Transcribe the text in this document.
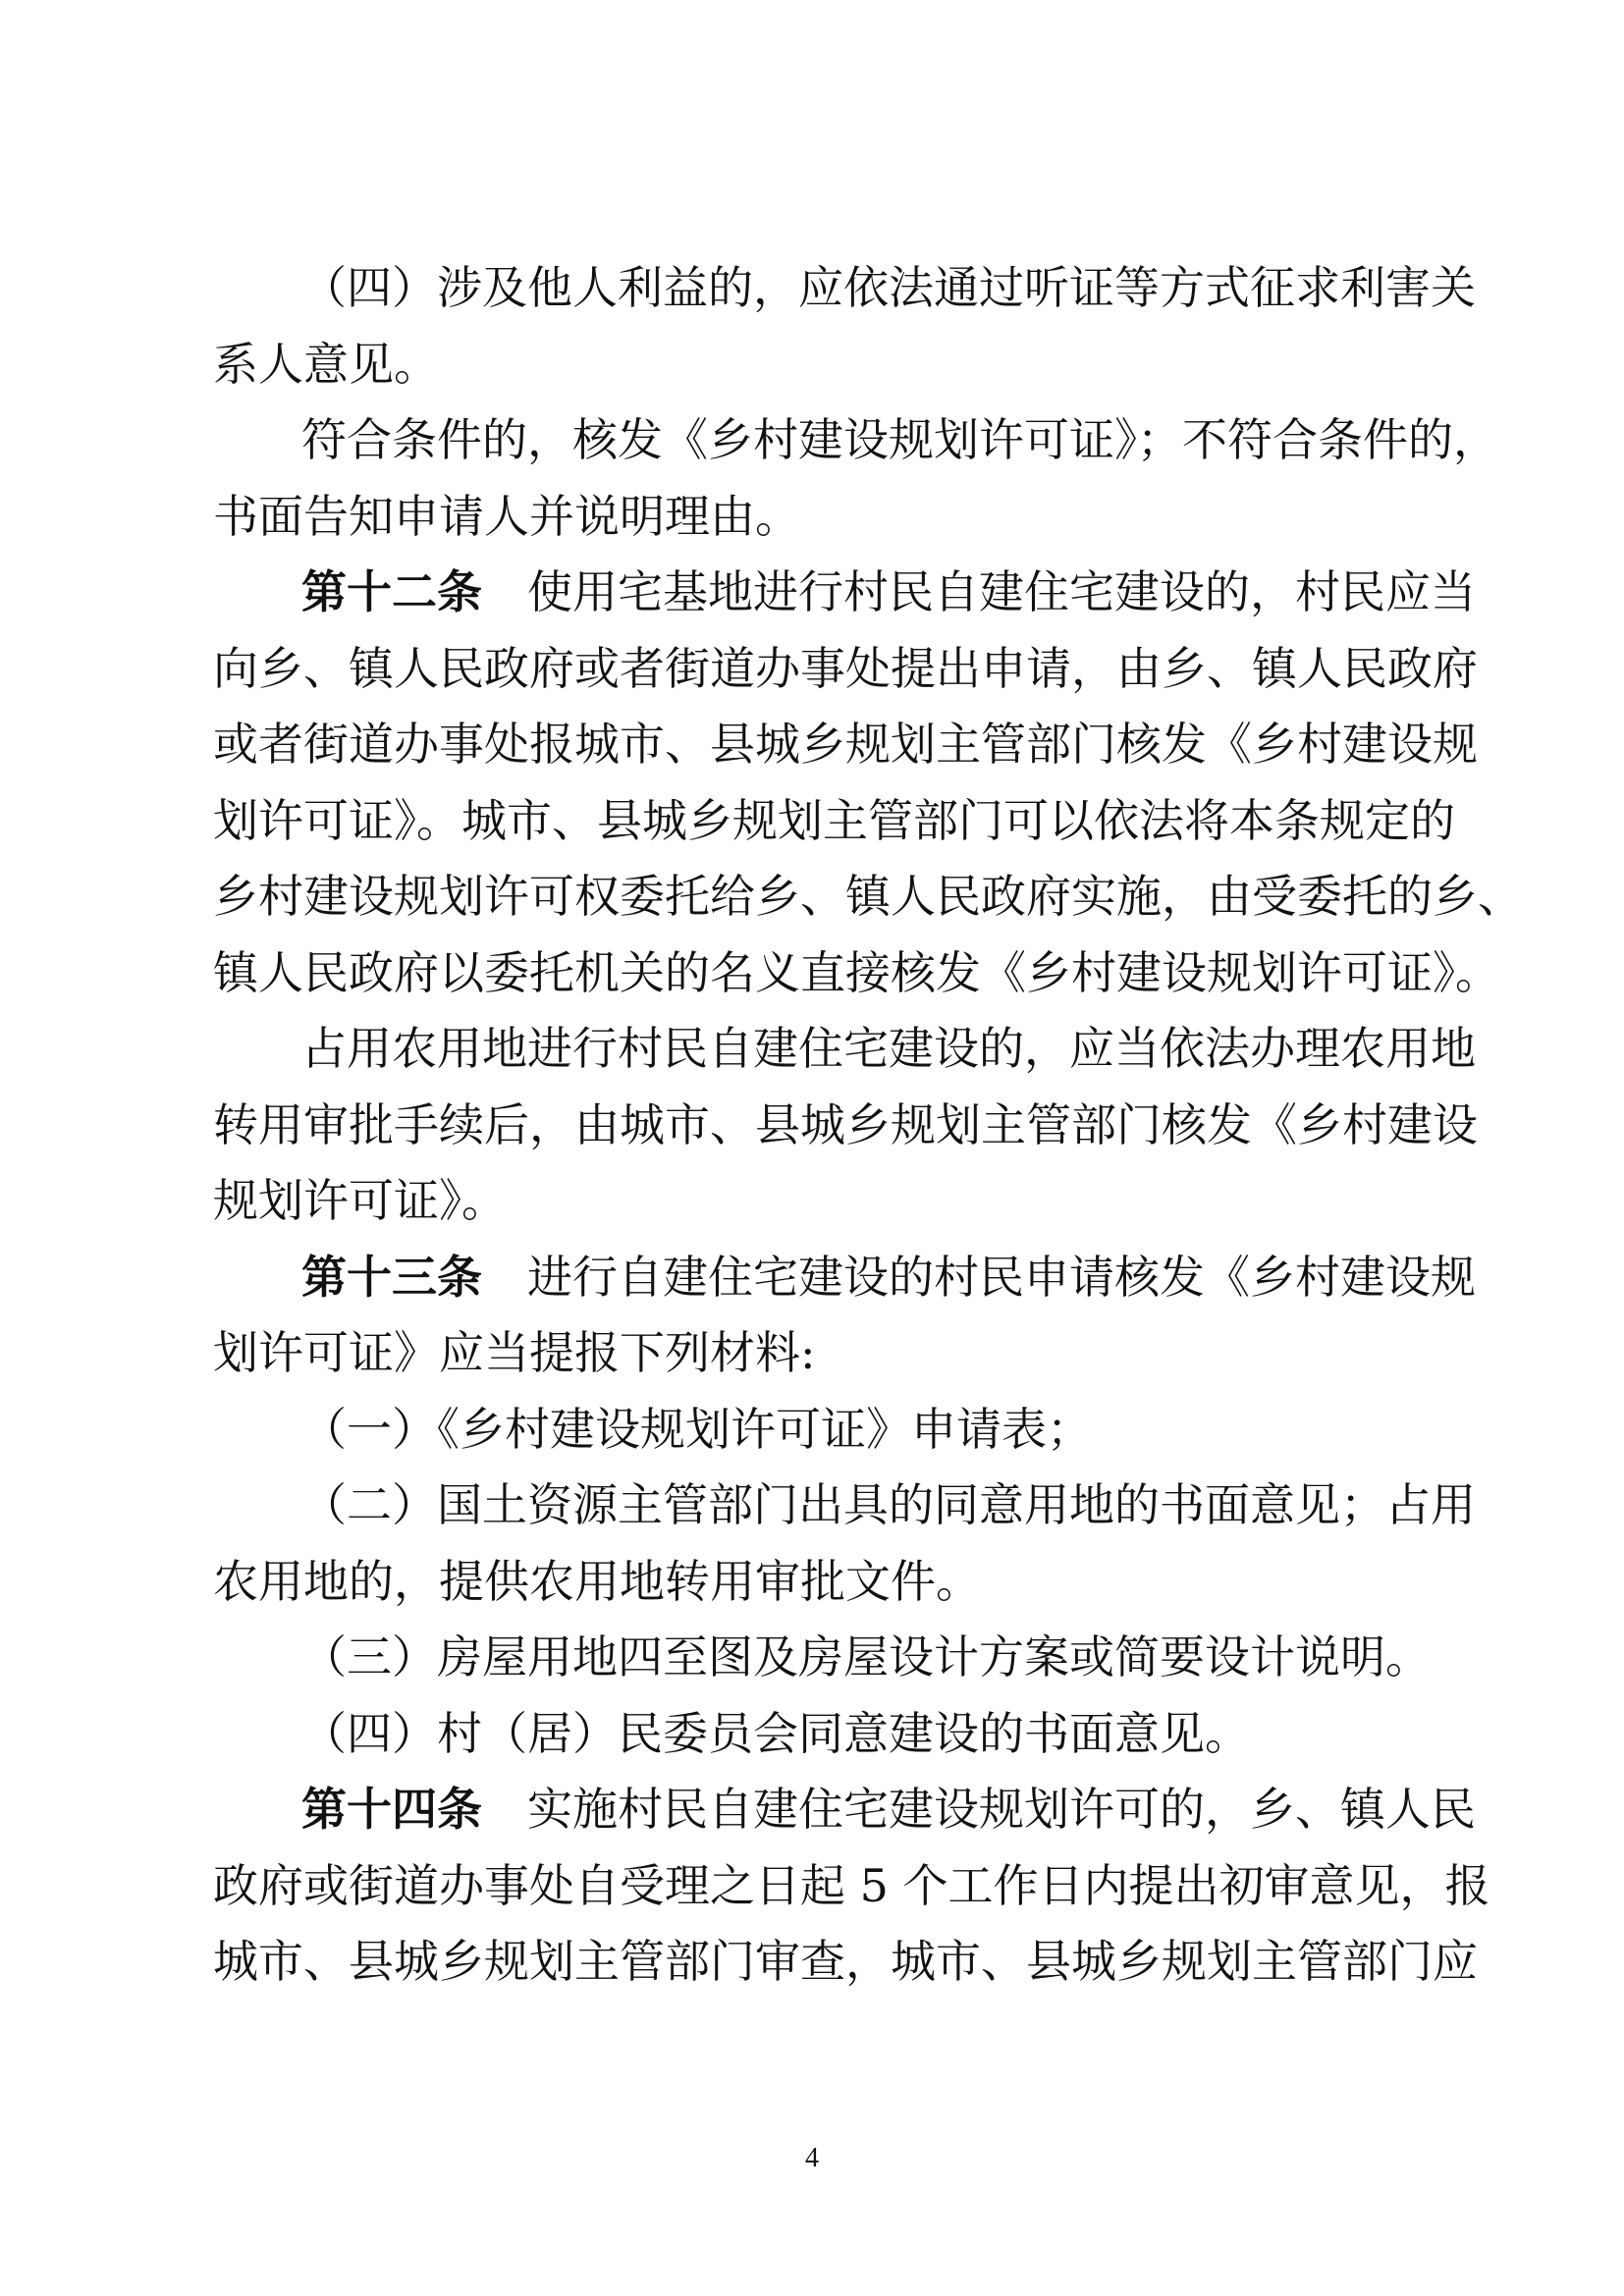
（四）涉及他人利益的，应依法通过听证等方式征求利害关
系人意见。
符合条件的，核发《乡村建设规划许可证》；不符合条件的，
书面告知申请人并说明理由。
第十二条 使用宅基地进行村民自建住宅建设的，村民应当
向乡、镇人民政府或者街道办事处提出申请，由乡、镇人民政府
或者街道办事处报城市、县城乡规划主管部门核发《乡村建设规
划许可证》。城市、县城乡规划主管部门可以依法将本条规定的
乡村建设规划许可权委托给乡、镇人民政府实施，由受委托的乡、
镇人民政府以委托机关的名义直接核发《乡村建设规划许可证》。
占用农用地进行村民自建住宅建设的，应当依法办理农用地
转用审批手续后，由城市、县城乡规划主管部门核发《乡村建设
规划许可证》。
第十三条 进行自建住宅建设的村民申请核发《乡村建设规
划许可证》应当提报下列材料:
（一）《乡村建设规划许可证》申请表；
（二）国土资源主管部门出具的同意用地的书面意见；占用
农用地的，提供农用地转用审批文件。
（三）房屋用地四至图及房屋设计方案或简要设计说明。
（四）村（居）民委员会同意建设的书面意见。
第十四条 实施村民自建住宅建设规划许可的，乡、镇人民
政府或街道办事处自受理之日起 5 个工作日内提出初审意见，报
城市、县城乡规划主管部门审查，城市、县城乡规划主管部门应
4
